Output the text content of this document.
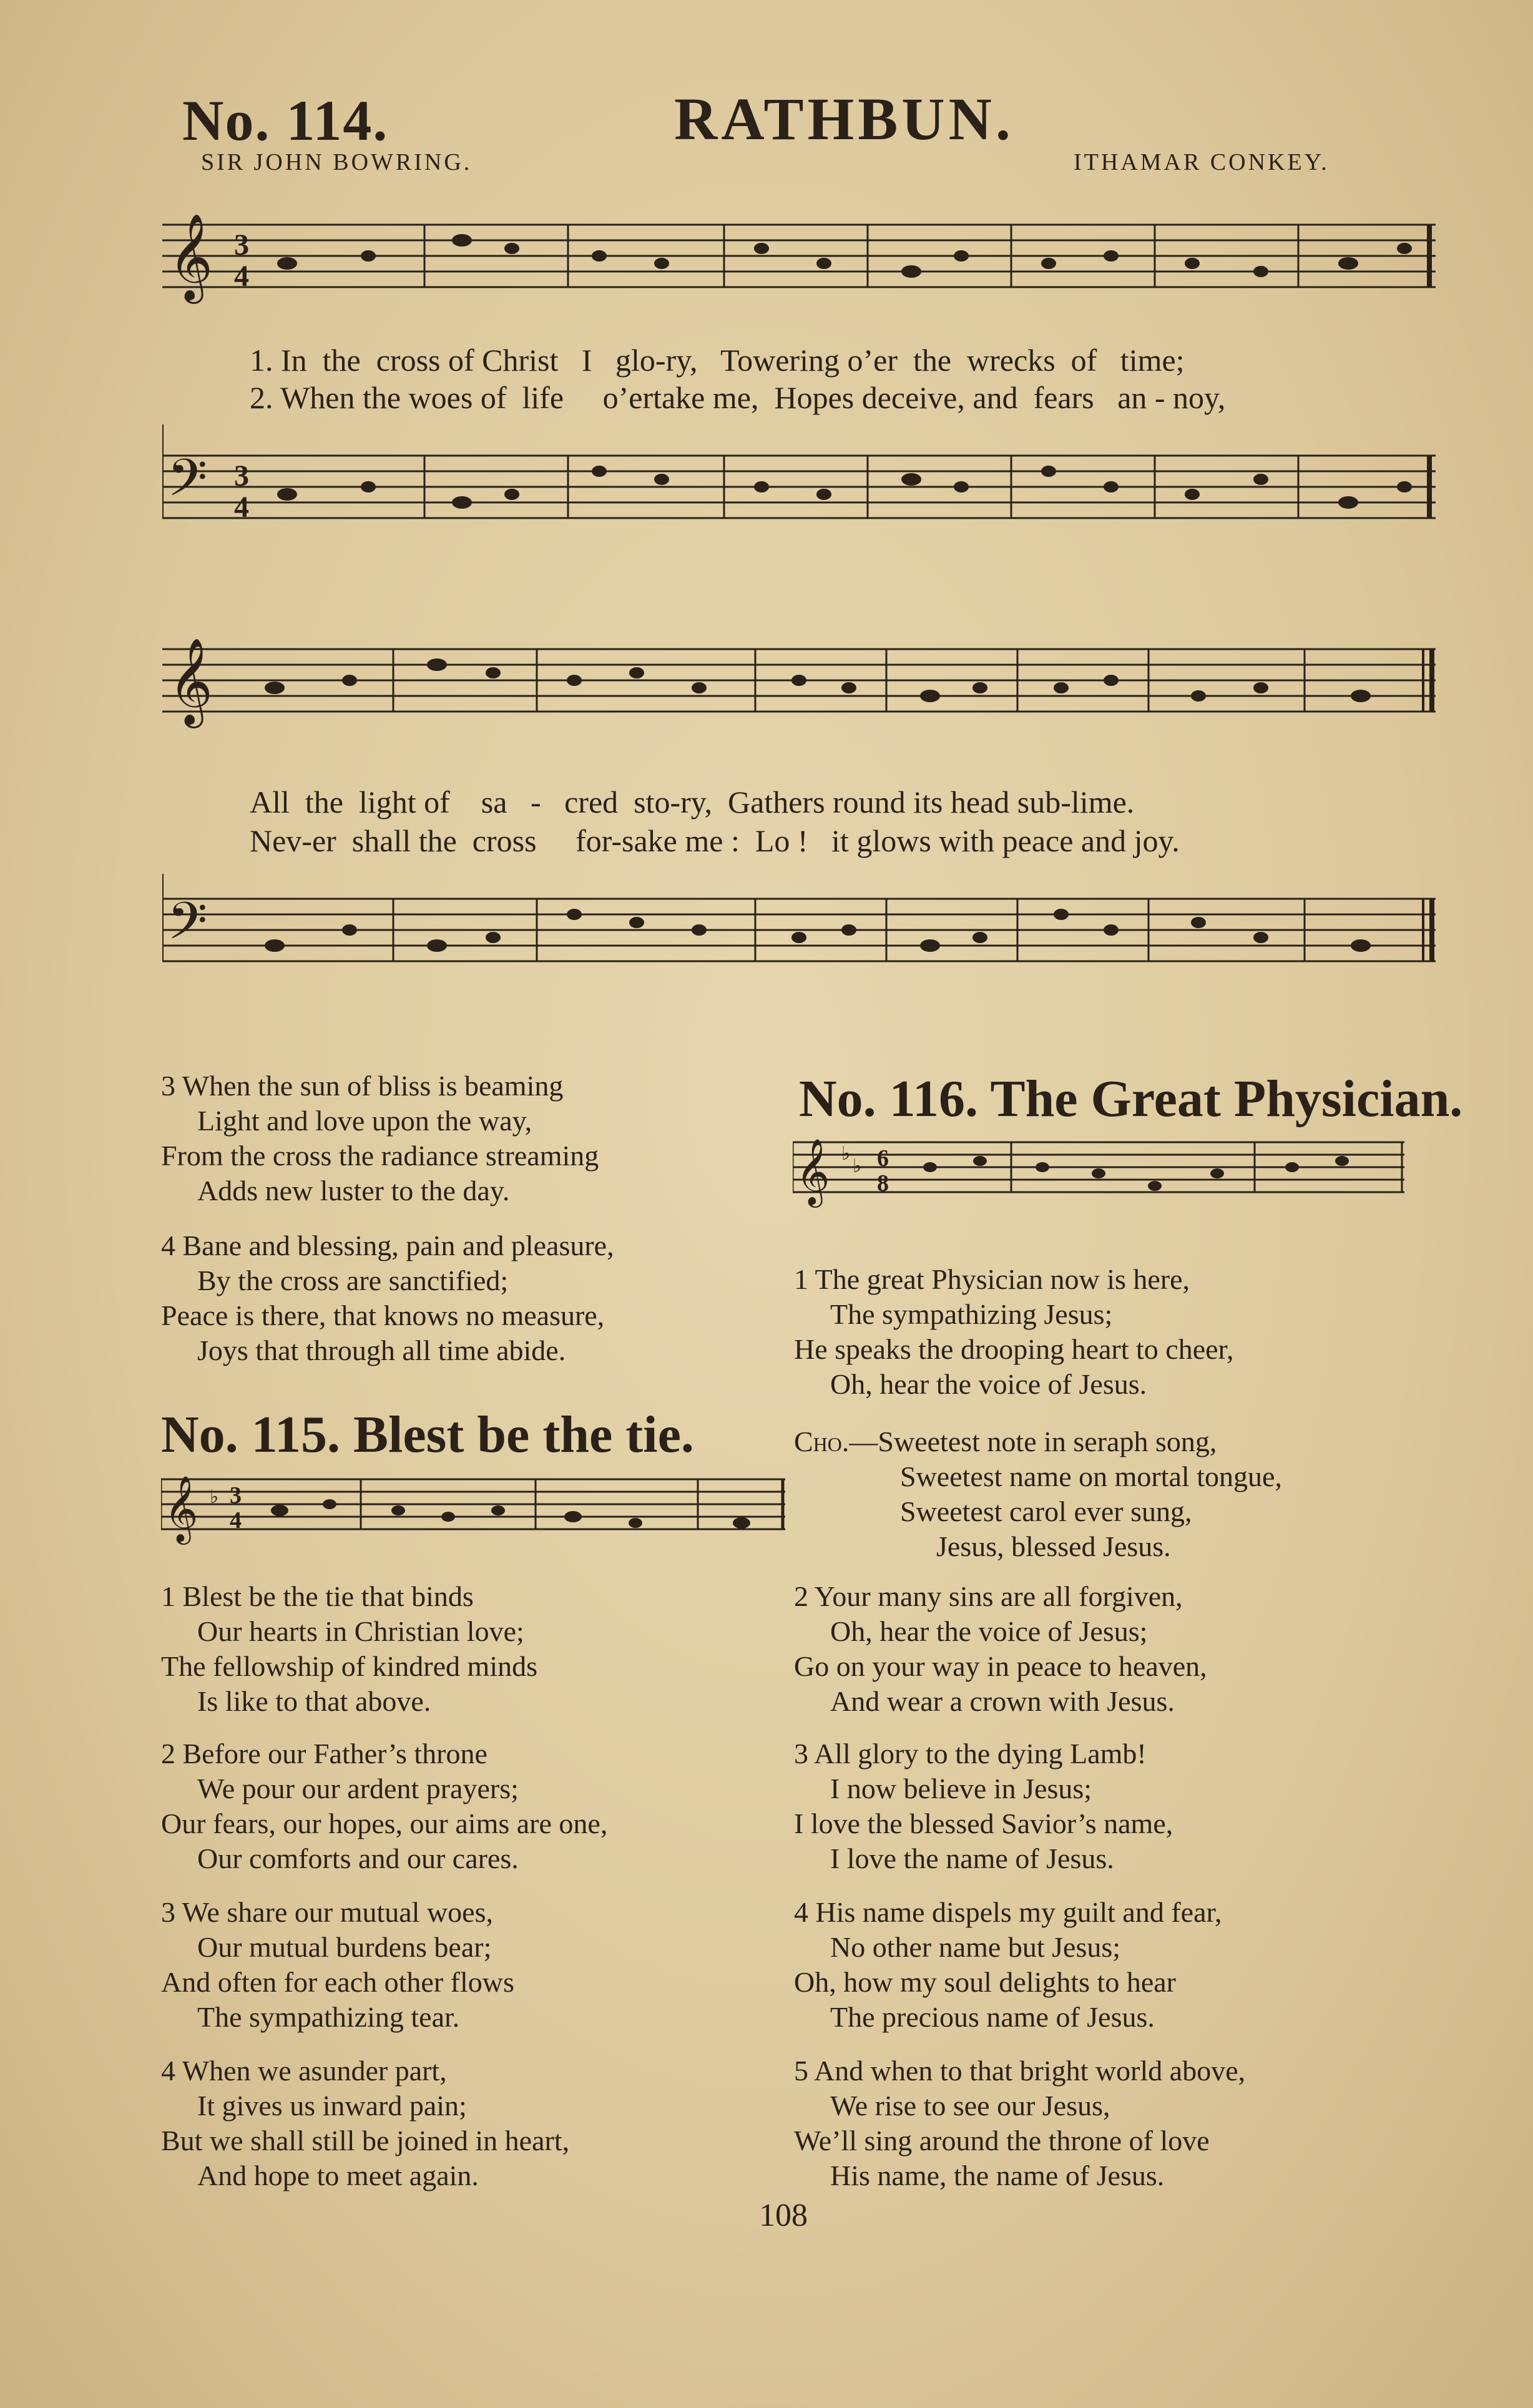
No. 114.	RATHBUN.
SIR JOHN BOWRING.	ITHAMAR CONKEY.
𝄞 3
4
1. In  the  cross of Christ   I   glo-ry,   Towering o’er  the  wrecks  of   time;
2. When the woes of  life     o’ertake me,  Hopes deceive, and  fears   an - noy,
𝄢 3
4
𝄞
All  the  light of    sa   -   cred  sto-ry,  Gathers round its head sub-lime.
Nev-er  shall the  cross     for-sake me :  Lo !   it glows with peace and joy.
𝄢
3 When the sun of bliss is beaming
Light and love upon the way,
From the cross the radiance streaming
Adds new luster to the day.
4 Bane and blessing, pain and pleasure,
By the cross are sanctified;
Peace is there, that knows no measure,
Joys that through all time abide.
No. 115. Blest be the tie.
𝄞 ♭ 3
4
1 Blest be the tie that binds
Our hearts in Christian love;
The fellowship of kindred minds
Is like to that above.
2 Before our Father’s throne
We pour our ardent prayers;
Our fears, our hopes, our aims are one,
Our comforts and our cares.
3 We share our mutual woes,
Our mutual burdens bear;
And often for each other flows
The sympathizing tear.
4 When we asunder part,
It gives us inward pain;
But we shall still be joined in heart,
And hope to meet again.
No. 116. The Great Physician.
𝄞 ♭
♭ 6
8
1 The great Physician now is here,
The sympathizing Jesus;
He speaks the drooping heart to cheer,
Oh, hear the voice of Jesus.
Cho.—Sweetest note in seraph song,
Sweetest name on mortal tongue,
Sweetest carol ever sung,
Jesus, blessed Jesus.
2 Your many sins are all forgiven,
Oh, hear the voice of Jesus;
Go on your way in peace to heaven,
And wear a crown with Jesus.
3 All glory to the dying Lamb!
I now believe in Jesus;
I love the blessed Savior’s name,
I love the name of Jesus.
4 His name dispels my guilt and fear,
No other name but Jesus;
Oh, how my soul delights to hear
The precious name of Jesus.
5 And when to that bright world above,
We rise to see our Jesus,
We’ll sing around the throne of love
His name, the name of Jesus.
108
